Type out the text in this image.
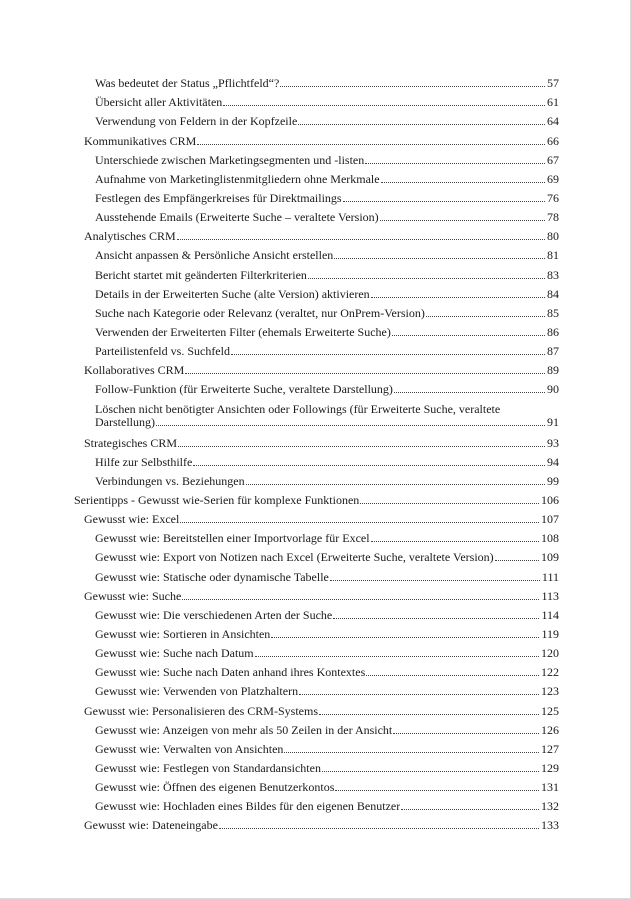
Was bedeutet der Status „Pflichtfeld“?	57
Übersicht aller Aktivitäten	61
Verwendung von Feldern in der Kopfzeile	64
Kommunikatives CRM	66
Unterschiede zwischen Marketingsegmenten und -listen	67
Aufnahme von Marketinglistenmitgliedern ohne Merkmale	69
Festlegen des Empfängerkreises für Direktmailings	76
Ausstehende Emails (Erweiterte Suche – veraltete Version)	78
Analytisches CRM	80
Ansicht anpassen & Persönliche Ansicht erstellen	81
Bericht startet mit geänderten Filterkriterien	83
Details in der Erweiterten Suche (alte Version) aktivieren	84
Suche nach Kategorie oder Relevanz (veraltet, nur OnPrem-Version)	85
Verwenden der Erweiterten Filter (ehemals Erweiterte Suche)	86
Parteilistenfeld vs. Suchfeld	87
Kollaboratives CRM	89
Follow-Funktion (für Erweiterte Suche, veraltete Darstellung)	90
Löschen nicht benötigter Ansichten oder Followings (für Erweiterte Suche, veraltete
Darstellung)	91
Strategisches CRM	93
Hilfe zur Selbsthilfe	94
Verbindungen vs. Beziehungen	99
Serientipps - Gewusst wie-Serien für komplexe Funktionen	106
Gewusst wie: Excel	107
Gewusst wie: Bereitstellen einer Importvorlage für Excel	108
Gewusst wie: Export von Notizen nach Excel (Erweiterte Suche, veraltete Version)	109
Gewusst wie: Statische oder dynamische Tabelle	111
Gewusst wie: Suche	113
Gewusst wie: Die verschiedenen Arten der Suche	114
Gewusst wie: Sortieren in Ansichten	119
Gewusst wie: Suche nach Datum	120
Gewusst wie: Suche nach Daten anhand ihres Kontextes	122
Gewusst wie: Verwenden von Platzhaltern	123
Gewusst wie: Personalisieren des CRM-Systems	125
Gewusst wie: Anzeigen von mehr als 50 Zeilen in der Ansicht	126
Gewusst wie: Verwalten von Ansichten	127
Gewusst wie: Festlegen von Standardansichten	129
Gewusst wie: Öffnen des eigenen Benutzerkontos	131
Gewusst wie: Hochladen eines Bildes für den eigenen Benutzer	132
Gewusst wie: Dateneingabe	133
